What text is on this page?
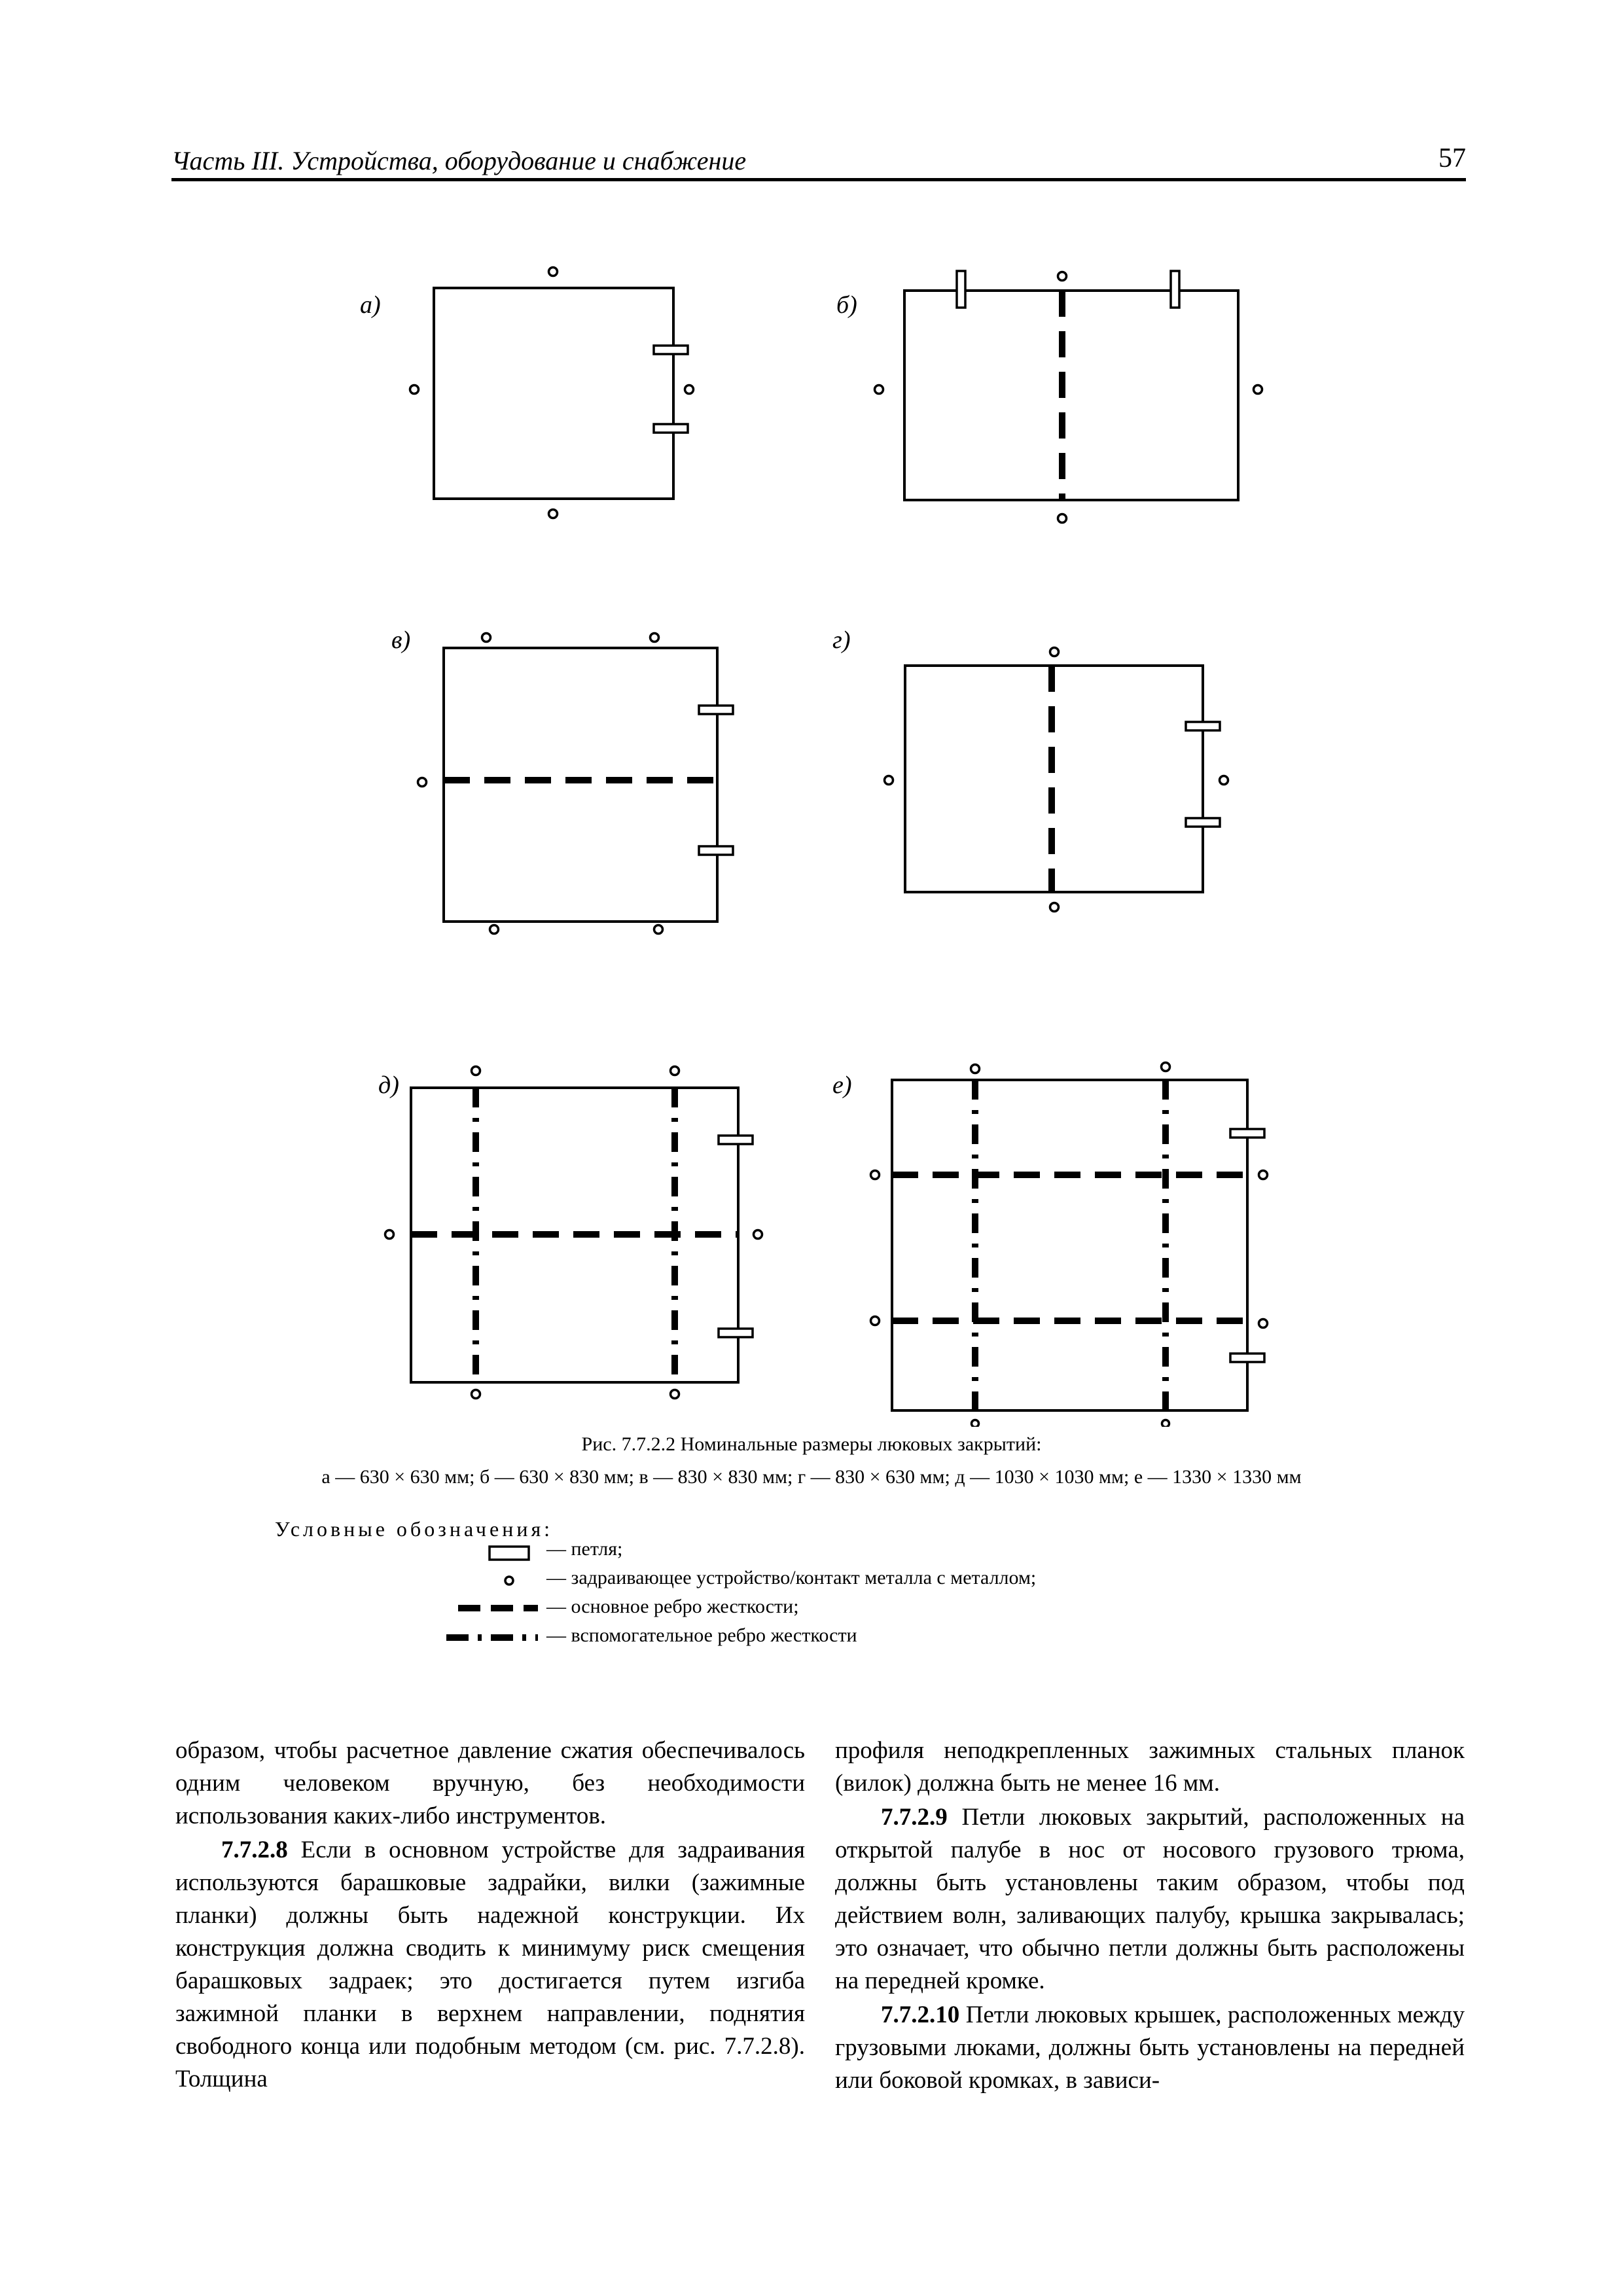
Часть III. Устройства, оборудование и снабжение	57
а)	б)
в)	г)
д)	е)
Рис. 7.7.2.2 Номинальные размеры люковых закрытий:
а — 630 × 630 мм; б — 630 × 830 мм; в — 830 × 830 мм; г — 830 × 630 мм; д — 1030 × 1030 мм; е — 1330 × 1330 мм
Условные обозначения:
— петля;
— задраивающее устройство/контакт металла с металлом;
— основное ребро жесткости;
— вспомогательное ребро жесткости

образом, чтобы расчетное давление сжатия обеспечивалось одним человеком вручную, без необходимости использования каких-либо инструментов.

7.7.2.8 Если в основном устройстве для задраивания используются барашковые задрайки, вилки (зажимные планки) должны быть надежной конструкции. Их конструкция должна сводить к минимуму риск смещения барашковых задраек; это достигается путем изгиба зажимной планки в верхнем направлении, поднятия свободного конца или подобным методом (см. рис. 7.7.2.8). Толщина

профиля неподкрепленных зажимных стальных планок (вилок) должна быть не менее 16 мм.

7.7.2.9 Петли люковых закрытий, расположенных на открытой палубе в нос от носового грузового трюма, должны быть установлены таким образом, чтобы под действием волн, заливающих палубу, крышка закрывалась; это означает, что обычно петли должны быть расположены на передней кромке.

7.7.2.10 Петли люковых крышек, расположенных между грузовыми люками, должны быть установлены на передней или боковой кромках, в зависи-
